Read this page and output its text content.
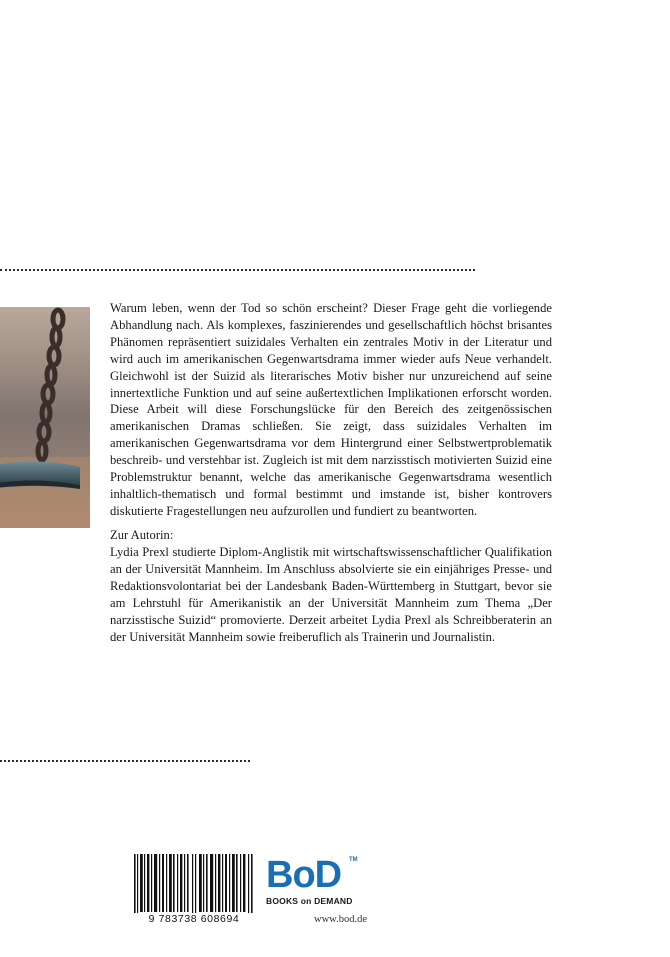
Warum leben, wenn der Tod so schön erscheint? Dieser Frage geht die vorliegende Abhandlung nach. Als komplexes, faszinierendes und gesellschaftlich höchst brisantes Phänomen repräsentiert suizidales Verhalten ein zentrales Motiv in der Literatur und wird auch im amerikanischen Gegenwartsdrama immer wieder aufs Neue verhandelt. Gleichwohl ist der Suizid als literarisches Motiv bisher nur unzureichend auf seine innertextliche Funktion und auf seine außertextlichen Implikationen erforscht worden. Diese Arbeit will diese Forschungslücke für den Bereich des zeitgenössischen amerikanischen Dramas schließen. Sie zeigt, dass suizidales Verhalten im amerikanischen Gegenwartsdrama vor dem Hintergrund einer Selbstwertproblematik beschreib- und verstehbar ist. Zugleich ist mit dem narzisstisch motivierten Suizid eine Problemstruktur benannt, welche das amerikanische Gegenwartsdrama wesentlich inhaltlich-thematisch und formal bestimmt und imstande ist, bisher kontrovers diskutierte Fragestellungen neu aufzurollen und fundiert zu beantworten.

Zur Autorin:

Lydia Prexl studierte Diplom-Anglistik mit wirtschaftswissenschaftlicher Qualifikation an der Universität Mannheim. Im Anschluss absolvierte sie ein einjähriges Presse- und Redaktionsvolontariat bei der Landesbank Baden-Württemberg in Stuttgart, bevor sie am Lehrstuhl für Amerikanistik an der Universität Mannheim zum Thema „Der narzisstische Suizid“ promovierte. Derzeit arbeitet Lydia Prexl als Schreibberaterin an der Universität Mannheim sowie freiberuflich als Trainerin und Journalistin.

9 783738 608694
BoD TM
BOOKS on DEMAND
www.bod.de
